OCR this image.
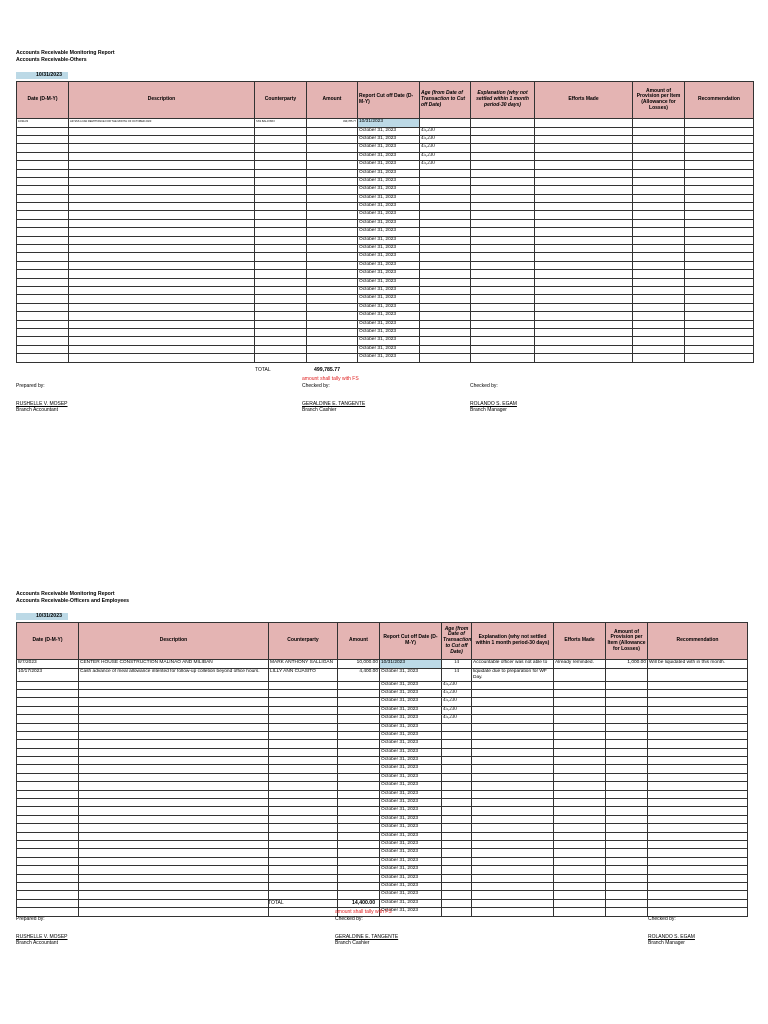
Accounts Receivable Monitoring Report
Accounts Receivable-Others
10/31/2023
Date (D-M-Y)	Description	Counterparty	Amount	Report Cut off Date (D-M-Y)	Age (from Date of Transaction to Cut off Date)	Explanation (why not settled within 1 month period-30 days)	Efforts Made	Amount of Provision per Item (Allowance for Losses)	Recommendation
10/31/23	AR SSS LOAN REMITTANCE FOR THE MONTH OF OCTOBER 2023	SSS BALAYBAY	499,785.77	10/31/2023					
				October 31, 2023	45,230				
				October 31, 2023	45,230				
				October 31, 2023	45,230				
				October 31, 2023	45,230				
				October 31, 2023	45,230				
				October 31, 2023					
				October 31, 2023					
				October 31, 2023					
				October 31, 2023					
				October 31, 2023					
				October 31, 2023					
				October 31, 2023					
				October 31, 2023					
				October 31, 2023					
				October 31, 2023					
				October 31, 2023					
				October 31, 2023					
				October 31, 2023					
				October 31, 2023					
				October 31, 2023					
				October 31, 2023					
				October 31, 2023					
				October 31, 2023					
				October 31, 2023					
				October 31, 2023					
				October 31, 2023					
				October 31, 2023					
				October 31, 2023					
TOTAL	499,785.77
amount shall tally with FS
Prepared by:
RUSHELLE V. MOSEP
Branch Accountant
Checked by:
GERALDINE E. TANGENTE
Branch Cashier
Checked by:
ROLANDO S. EGAM
Branch Manager
Accounts Receivable Monitoring Report
Accounts Receivable-Officers and Employees
10/31/2023
Date (D-M-Y)	Description	Counterparty	Amount	Report Cut off Date (D-M-Y)	Age (from Date of Transaction to Cut off Date)	Explanation (why not settled within 1 month period-30 days)	Efforts Made	Amount of Provision per Item (Allowance for Losses)	Recommendation
8/7/2023	CENTER HOUSE CONSTRUCTION MALINAO AND MILIBAN	MARK ANTHONY SALLIGAN	10,000.00	10/31/2023	14	Accountable officer was not able to	Already reminded.	1,000.00	Will be liquidated with in this month.
10/17/2023	Cash advance of meal allowance intented for follow-up colletion beyond office hours.	LILLY ANN CUASITO	4,400.00	October 31, 2023	14	liquidate due to preparation for WF Day.			
				October 31, 2023	45,230				
				October 31, 2023	45,230				
				October 31, 2023	45,230				
				October 31, 2023	45,230				
				October 31, 2023	45,230				
				October 31, 2023					
				October 31, 2023					
				October 31, 2023					
				October 31, 2023					
				October 31, 2023					
				October 31, 2023					
				October 31, 2023					
				October 31, 2023					
				October 31, 2023					
				October 31, 2023					
				October 31, 2023					
				October 31, 2023					
				October 31, 2023					
				October 31, 2023					
				October 31, 2023					
				October 31, 2023					
				October 31, 2023					
				October 31, 2023					
				October 31, 2023					
				October 31, 2023					
				October 31, 2023					
				October 31, 2023					
				October 31, 2023					
TOTAL	14,400.00
amount shall tally with FS
Prepared by:
RUSHELLE V. MOSEP
Branch Accountant
Checked by:
GERALDINE E. TANGENTE
Branch Cashier
Checked by:
ROLANDO S. EGAM
Branch Manager
